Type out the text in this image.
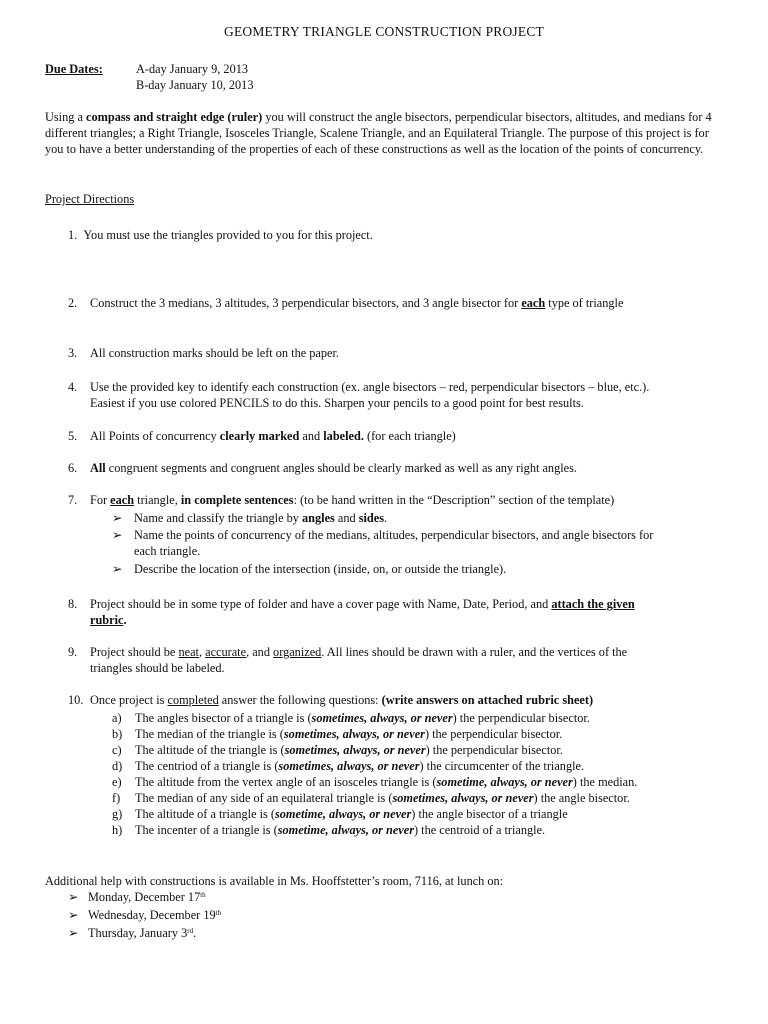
GEOMETRY TRIANGLE CONSTRUCTION PROJECT
Due Dates:	A-day January 9, 2013
B-day January 10, 2013
Using a compass and straight edge (ruler) you will construct the angle bisectors, perpendicular bisectors, altitudes, and medians for 4 different triangles; a Right Triangle, Isosceles Triangle, Scalene Triangle, and an Equilateral Triangle. The purpose of this project is for you to have a better understanding of the properties of each of these constructions as well as the location of the points of concurrency.
Project Directions
1. You must use the triangles provided to you for this project.
2. Construct the 3 medians, 3 altitudes, 3 perpendicular bisectors, and 3 angle bisector for each type of triangle
3. All construction marks should be left on the paper.
4. Use the provided key to identify each construction (ex. angle bisectors – red, perpendicular bisectors – blue, etc.).
Easiest if you use colored PENCILS to do this. Sharpen your pencils to a good point for best results.
5. All Points of concurrency clearly marked and labeled. (for each triangle)
6. All congruent segments and congruent angles should be clearly marked as well as any right angles.
7. For each triangle, in complete sentences: (to be hand written in the “Description” section of the template)
➢ Name and classify the triangle by angles and sides.
➢ Name the points of concurrency of the medians, altitudes, perpendicular bisectors, and angle bisectors for
each triangle.
➢ Describe the location of the intersection (inside, on, or outside the triangle).
8. Project should be in some type of folder and have a cover page with Name, Date, Period, and attach the given
rubric.
9. Project should be neat, accurate, and organized. All lines should be drawn with a ruler, and the vertices of the
triangles should be labeled.
10. Once project is completed answer the following questions: (write answers on attached rubric sheet)
a) The angles bisector of a triangle is (sometimes, always, or never) the perpendicular bisector.
b) The median of the triangle is (sometimes, always, or never) the perpendicular bisector.
c) The altitude of the triangle is (sometimes, always, or never) the perpendicular bisector.
d) The centriod of a triangle is (sometimes, always, or never) the circumcenter of the triangle.
e) The altitude from the vertex angle of an isosceles triangle is (sometime, always, or never) the median.
f) The median of any side of an equilateral triangle is (sometimes, always, or never) the angle bisector.
g) The altitude of a triangle is (sometime, always, or never) the angle bisector of a triangle
h) The incenter of a triangle is (sometime, always, or never) the centroid of a triangle.
Additional help with constructions is available in Ms. Hooffstetter’s room, 7116, at lunch on:
➢ Monday, December 17th
➢ Wednesday, December 19th
➢ Thursday, January 3rd.
